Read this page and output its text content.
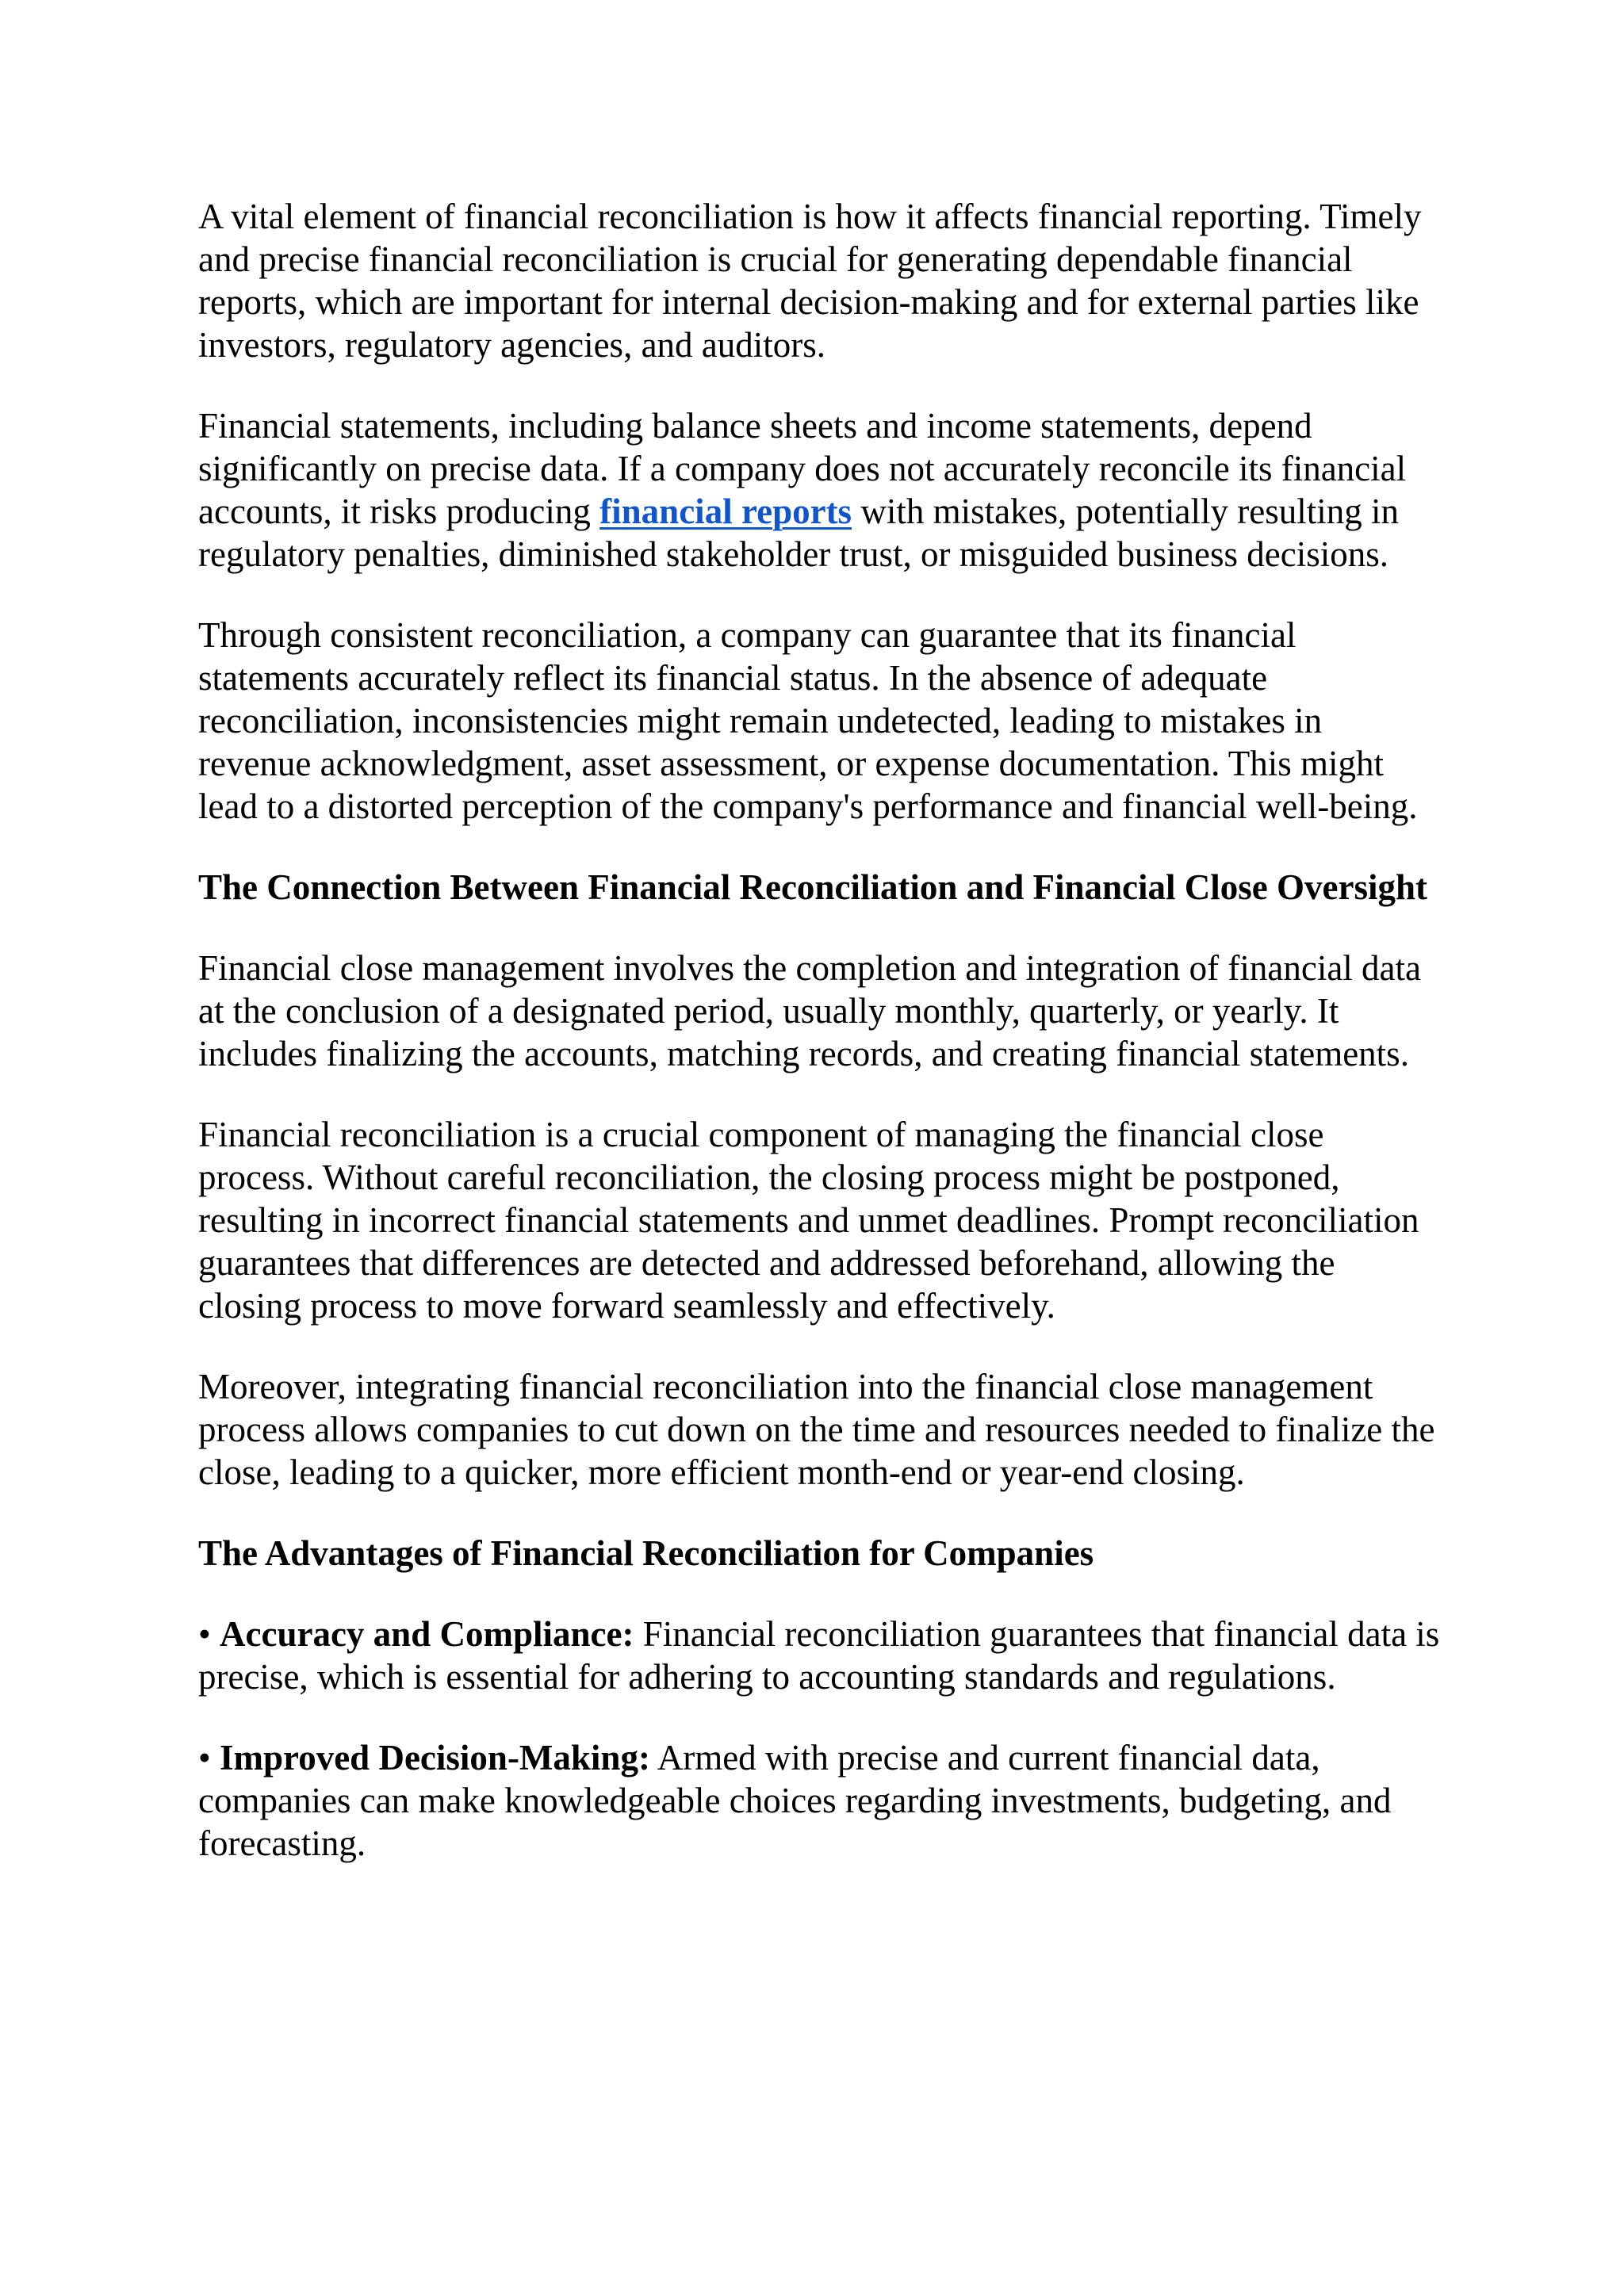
A vital element of financial reconciliation is how it affects financial reporting. Timely and precise financial reconciliation is crucial for generating dependable financial reports, which are important for internal decision-making and for external parties like investors, regulatory agencies, and auditors.

Financial statements, including balance sheets and income statements, depend significantly on precise data. If a company does not accurately reconcile its financial accounts, it risks producing financial reports with mistakes, potentially resulting in regulatory penalties, diminished stakeholder trust, or misguided business decisions.

Through consistent reconciliation, a company can guarantee that its financial statements accurately reflect its financial status. In the absence of adequate reconciliation, inconsistencies might remain undetected, leading to mistakes in revenue acknowledgment, asset assessment, or expense documentation. This might lead to a distorted perception of the company's performance and financial well-being.

The Connection Between Financial Reconciliation and Financial Close Oversight

Financial close management involves the completion and integration of financial data at the conclusion of a designated period, usually monthly, quarterly, or yearly. It includes finalizing the accounts, matching records, and creating financial statements.

Financial reconciliation is a crucial component of managing the financial close process. Without careful reconciliation, the closing process might be postponed, resulting in incorrect financial statements and unmet deadlines. Prompt reconciliation guarantees that differences are detected and addressed beforehand, allowing the closing process to move forward seamlessly and effectively.

Moreover, integrating financial reconciliation into the financial close management process allows companies to cut down on the time and resources needed to finalize the close, leading to a quicker, more efficient month-end or year-end closing.

The Advantages of Financial Reconciliation for Companies

• Accuracy and Compliance: Financial reconciliation guarantees that financial data is precise, which is essential for adhering to accounting standards and regulations.

• Improved Decision-Making: Armed with precise and current financial data, companies can make knowledgeable choices regarding investments, budgeting, and forecasting.
